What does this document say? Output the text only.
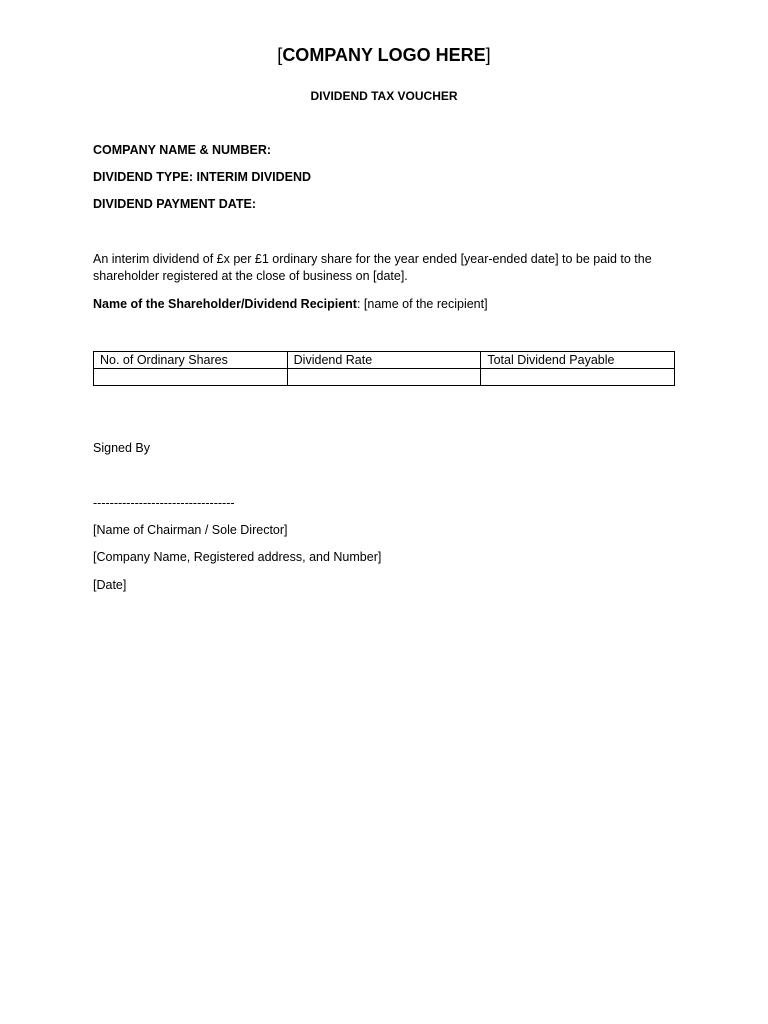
[COMPANY LOGO HERE]
DIVIDEND TAX VOUCHER
COMPANY NAME & NUMBER:
DIVIDEND TYPE: INTERIM DIVIDEND
DIVIDEND PAYMENT DATE:
An interim dividend of £x per £1 ordinary share for the year ended [year-ended date] to be paid to the shareholder registered at the close of business on [date].
Name of the Shareholder/Dividend Recipient: [name of the recipient]
No. of Ordinary Shares	Dividend Rate	Total Dividend Payable

Signed By
----------------------------------
[Name of Chairman / Sole Director]
[Company Name, Registered address, and Number]
[Date]
